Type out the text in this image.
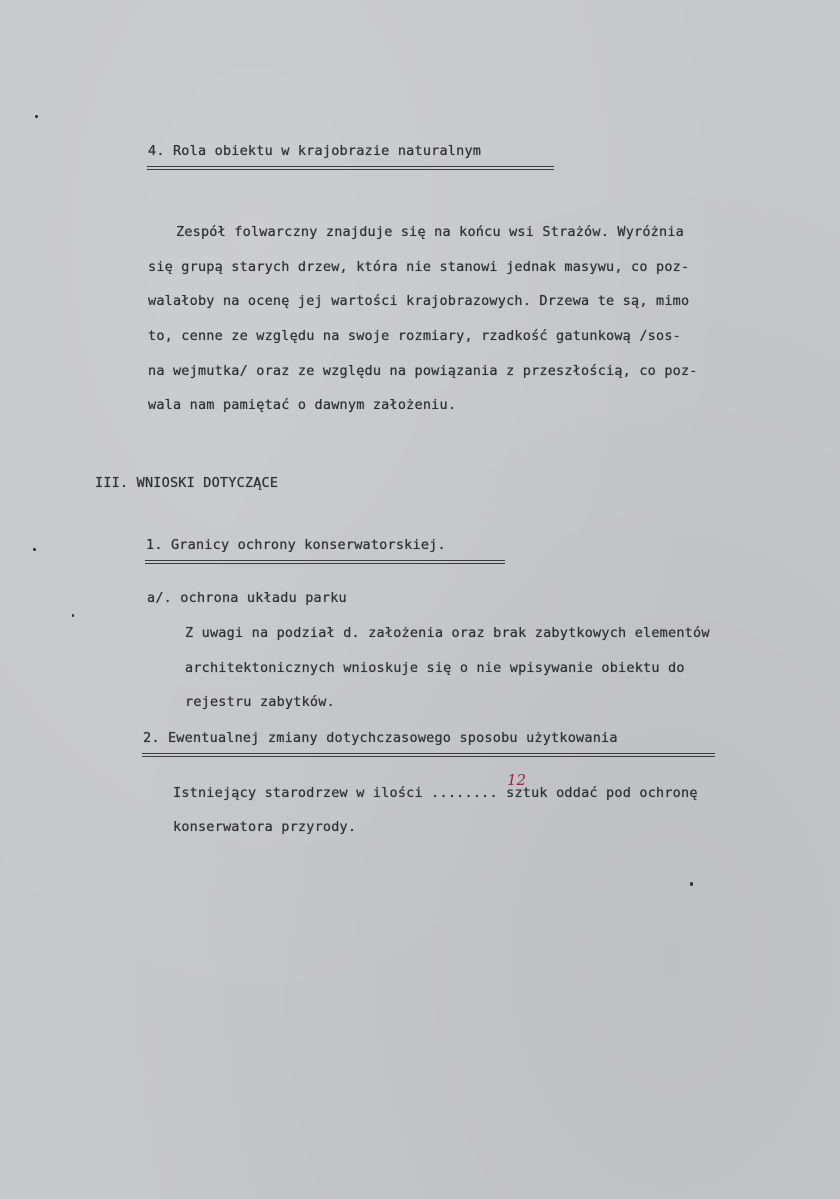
4. Rola obiektu w krajobrazie naturalnym
Zespół folwarczny znajduje się na końcu wsi Strażów. Wyróżnia
się grupą starych drzew, która nie stanowi jednak masywu, co poz-
walałoby na ocenę jej wartości krajobrazowych. Drzewa te są, mimo
to, cenne ze względu na swoje rozmiary, rzadkość gatunkową /sos-
na wejmutka/ oraz ze względu na powiązania z przeszłością, co poz-
wala nam pamiętać o dawnym założeniu.
III. WNIOSKI DOTYCZĄCE
1. Granicy ochrony konserwatorskiej.
a/. ochrona układu parku
Z uwagi na podział d. założenia oraz brak zabytkowych elementów
architektonicznych wnioskuje się o nie wpisywanie obiektu do
rejestru zabytków.
2. Ewentualnej zmiany dotychczasowego sposobu użytkowania
Istniejący starodrzew w ilości ........ sztuk oddać pod ochronę
12
konserwatora przyrody.
